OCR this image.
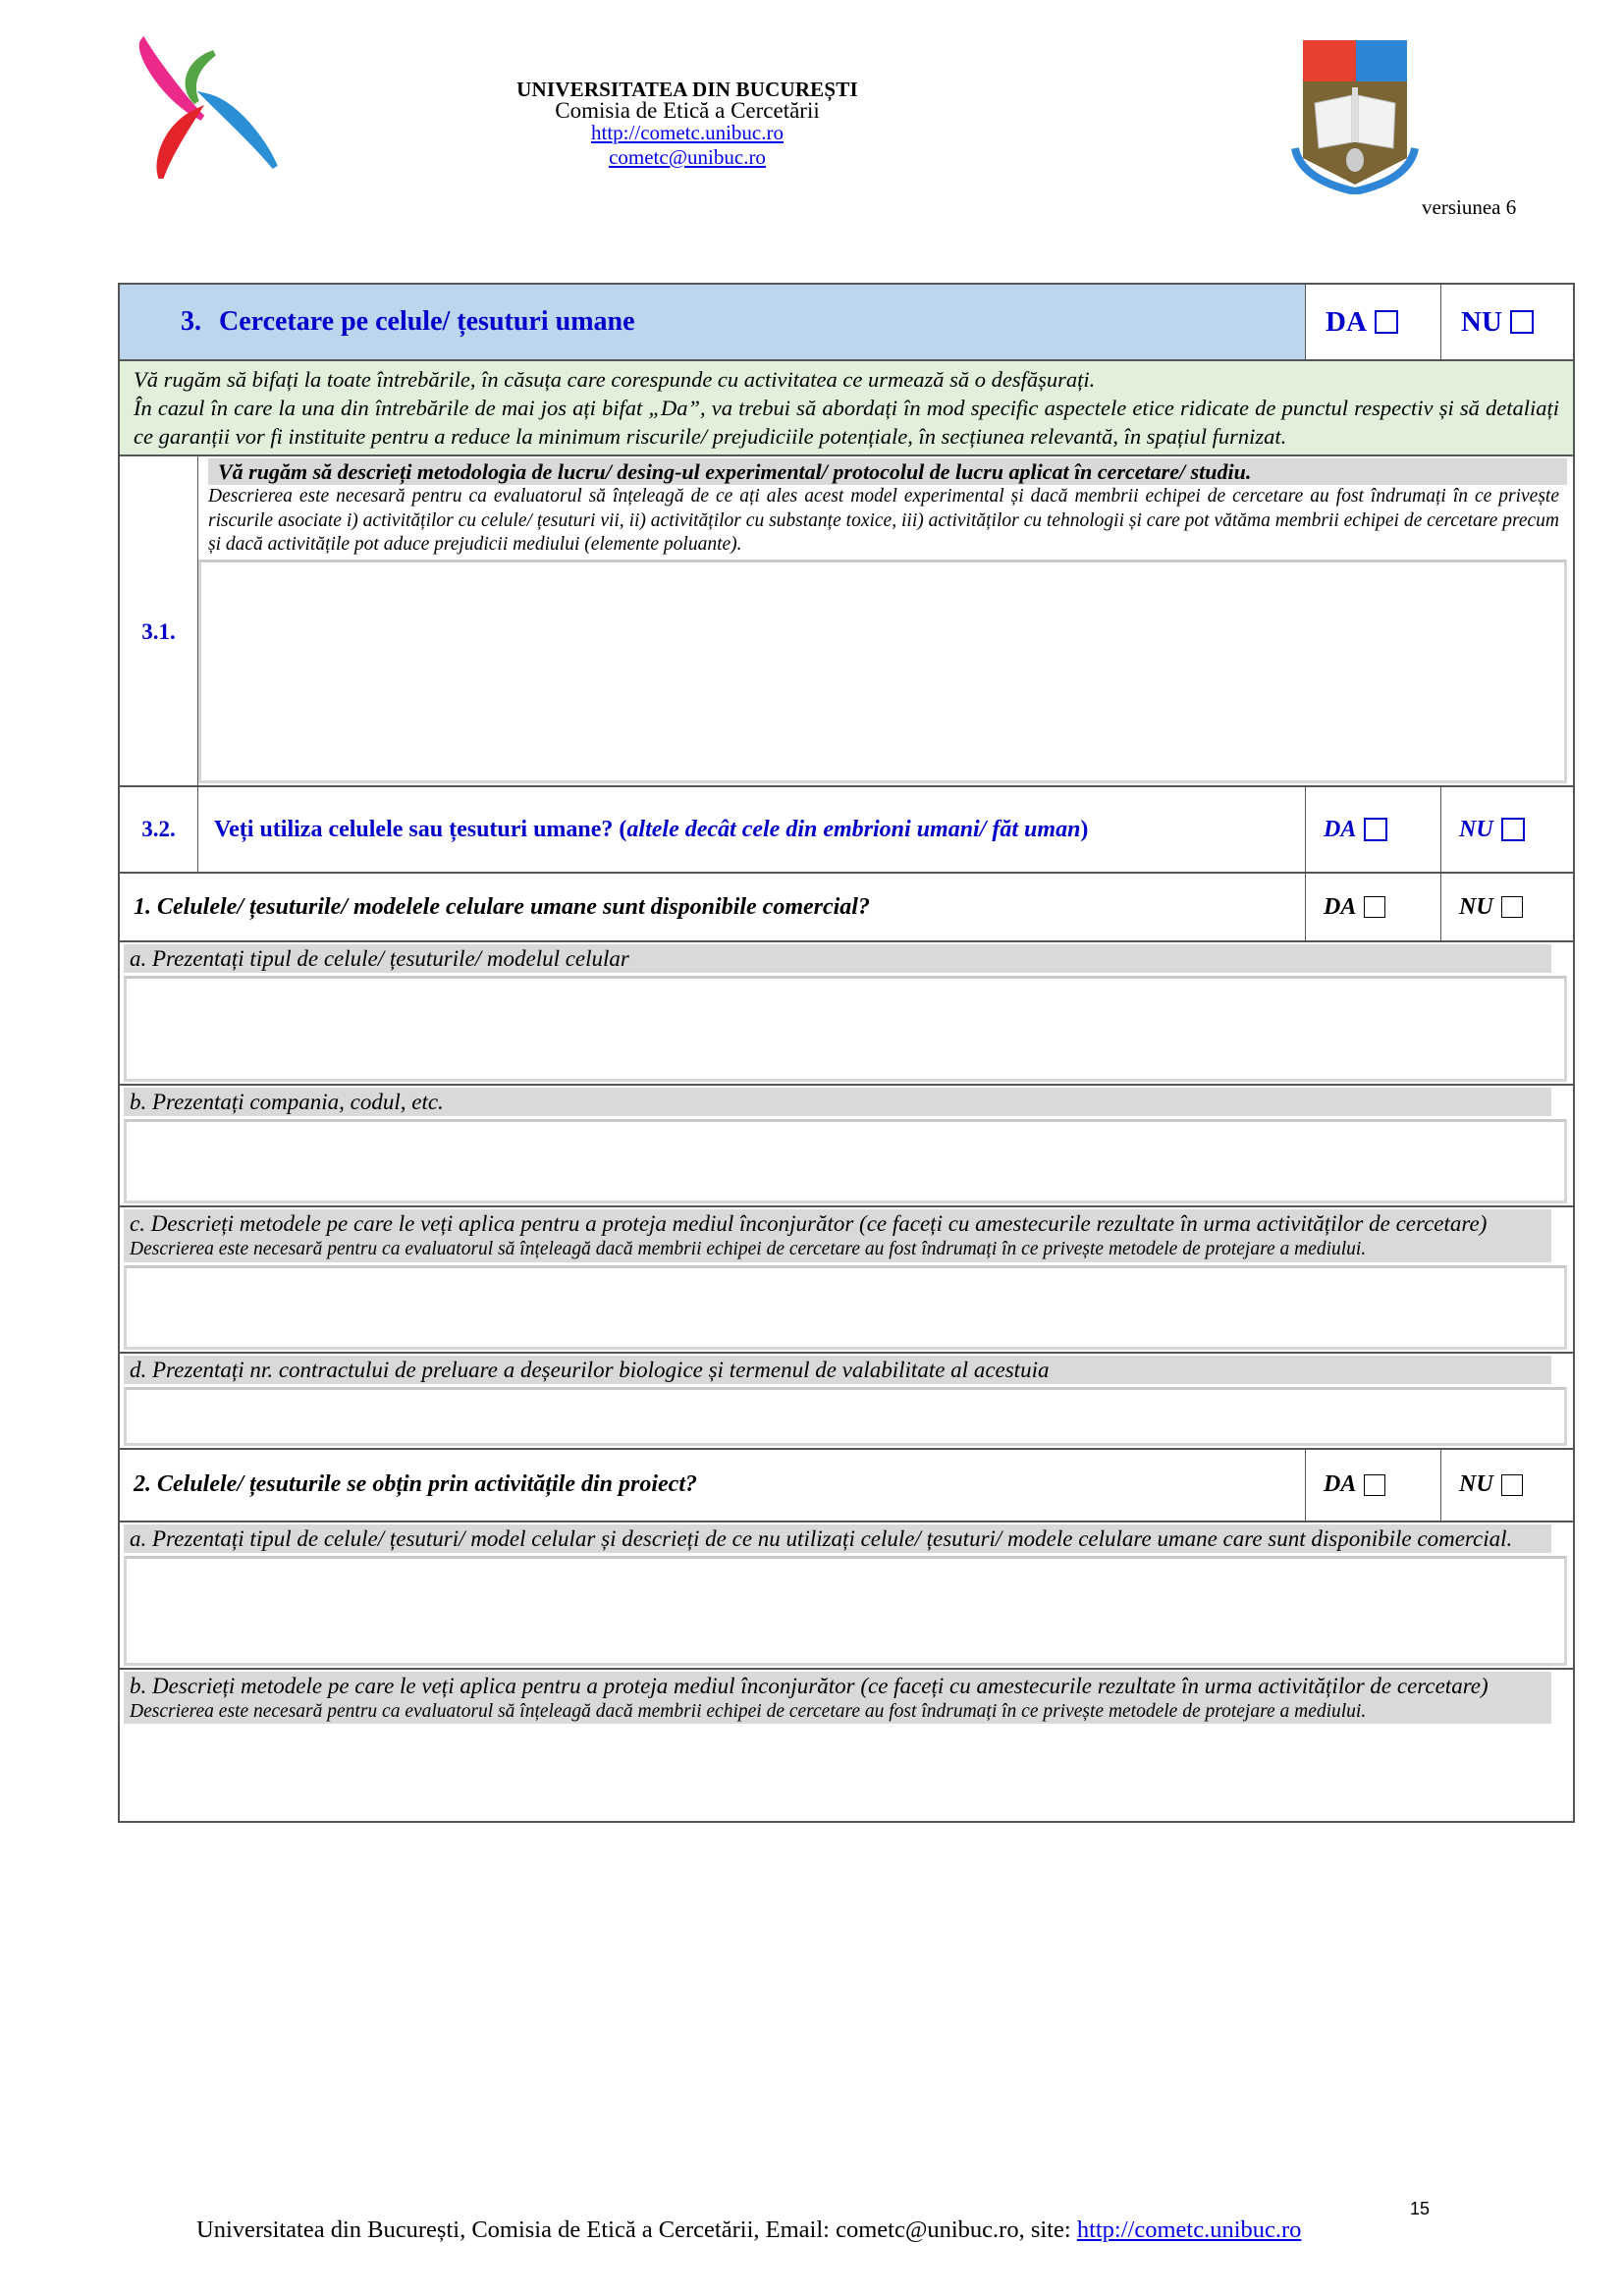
UNIVERSITATEA DIN BUCUREȘTI
Comisia de Etică a Cercetării
http://cometc.unibuc.ro
cometc@unibuc.ro
versiunea 6
3. Cercetare pe celule/ țesuturi umane	DA	NU
Vă rugăm să bifați la toate întrebările, în căsuța care corespunde cu activitatea ce urmează să o desfășurați.
În cazul în care la una din întrebările de mai jos ați bifat „Da”, va trebui să abordați în mod specific aspectele etice ridicate de punctul respectiv și să detaliați ce garanții vor fi instituite pentru a reduce la minimum riscurile/ prejudiciile potențiale, în secțiunea relevantă, în spațiul furnizat.
3.1.
Vă rugăm să descrieți metodologia de lucru/ desing-ul experimental/ protocolul de lucru aplicat în cercetare/ studiu.
Descrierea este necesară pentru ca evaluatorul să înțeleagă de ce ați ales acest model experimental și dacă membrii echipei de cercetare au fost îndrumați în ce privește riscurile asociate i) activităților cu celule/ țesuturi vii, ii) activităților cu substanțe toxice, iii) activităților cu tehnologii și care pot vătăma membrii echipei de cercetare precum și dacă activitățile pot aduce prejudicii mediului (elemente poluante).
3.2.	Veți utiliza celulele sau țesuturi umane? ( altele decât cele din embrioni umani/ făt uman )	DA	NU
1. Celulele/ țesuturile/ modelele celulare umane sunt disponibile comercial?	DA	NU
a. Prezentați tipul de celule/ țesuturile/ modelul celular
b. Prezentați compania, codul, etc.
c. Descrieți metodele pe care le veți aplica pentru a proteja mediul înconjurător (ce faceți cu amestecurile rezultate în urma activităților de cercetare)
Descrierea este necesară pentru ca evaluatorul să înțeleagă dacă membrii echipei de cercetare au fost îndrumați în ce privește metodele de protejare a mediului.
d. Prezentați nr. contractului de preluare a deșeurilor biologice și termenul de valabilitate al acestuia
2. Celulele/ țesuturile se obțin prin activitățile din proiect?	DA	NU
a. Prezentați tipul de celule/ țesuturi/ model celular și descrieți de ce nu utilizați celule/ țesuturi/ modele celulare umane care sunt disponibile comercial.
b. Descrieți metodele pe care le veți aplica pentru a proteja mediul înconjurător (ce faceți cu amestecurile rezultate în urma activităților de cercetare)
Descrierea este necesară pentru ca evaluatorul să înțeleagă dacă membrii echipei de cercetare au fost îndrumați în ce privește metodele de protejare a mediului.
15
Universitatea din București, Comisia de Etică a Cercetării, Email: cometc@unibuc.ro, site: http://cometc.unibuc.ro
